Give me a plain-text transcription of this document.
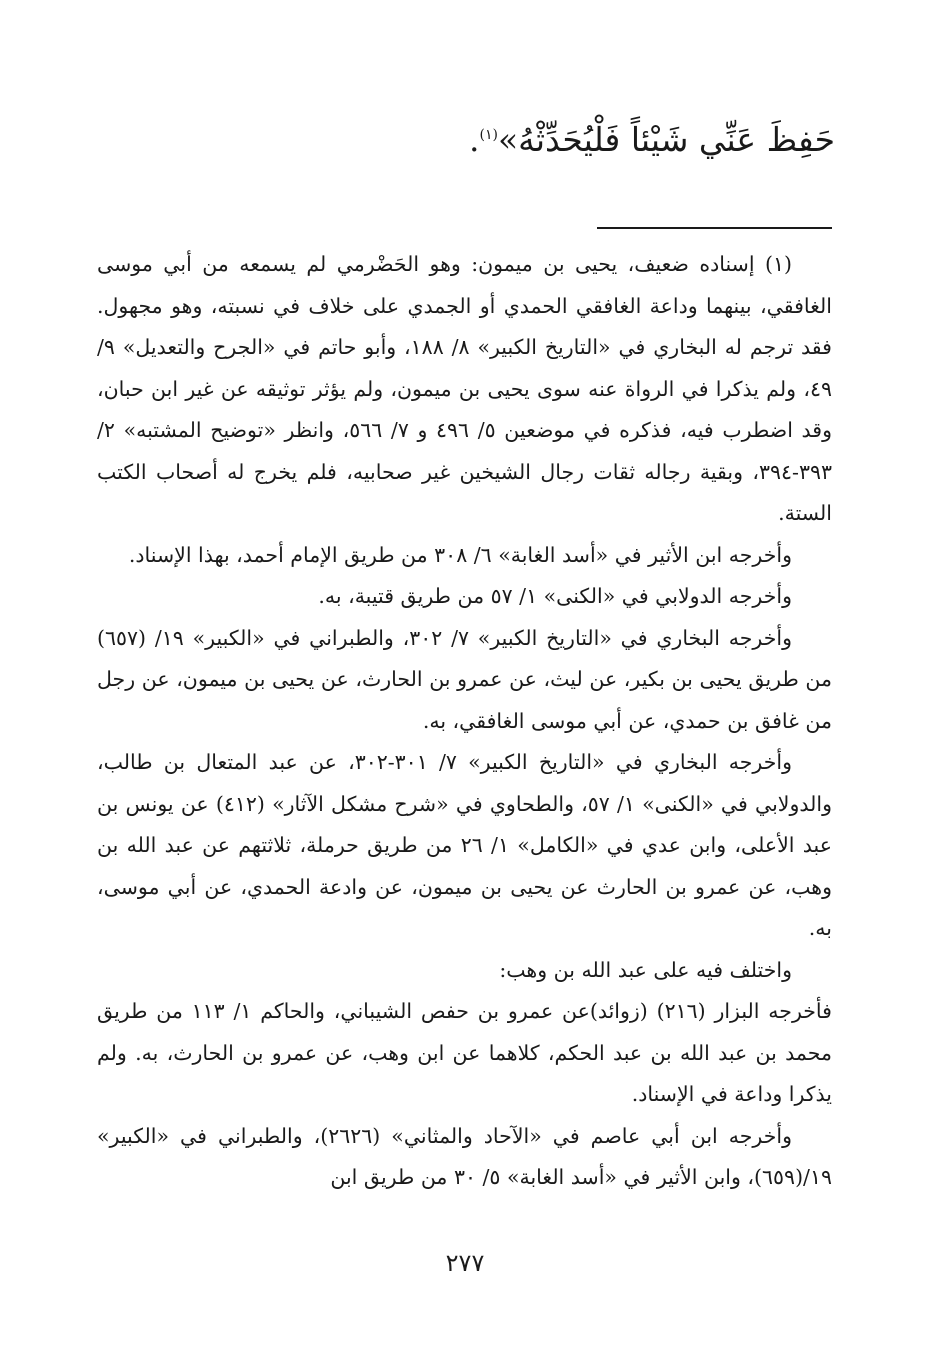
حَفِظَ عَنِّي شَيْئاً فَلْيُحَدِّثْهُ»$^{(١)}$.

(١) إسناده ضعيف، يحيى بن ميمون: وهو الحَضْرمي لم يسمعه من أبي موسى الغافقي، بينهما وداعة الغافقي الحمدي أو الجمدي على خلاف في نسبته، وهو مجهول. فقد ترجم له البخاري في «التاريخ الكبير» ٨/ ١٨٨، وأبو حاتم في «الجرح والتعديل» ٩/ ٤٩، ولم يذكرا في الرواة عنه سوى يحيى بن ميمون، ولم يؤثر توثيقه عن غير ابن حبان، وقد اضطرب فيه، فذكره في موضعين ٥/ ٤٩٦ و ٧/ ٥٦٦، وانظر «توضيح المشتبه» ٢/ ٣٩٣-٣٩٤، وبقية رجاله ثقات رجال الشيخين غير صحابيه، فلم يخرج له أصحاب الكتب الستة.

وأخرجه ابن الأثير في «أسد الغابة» ٦/ ٣٠٨ من طريق الإمام أحمد، بهذا الإسناد.

وأخرجه الدولابي في «الكنى» ١/ ٥٧ من طريق قتيبة، به.

وأخرجه البخاري في «التاريخ الكبير» ٧/ ٣٠٢، والطبراني في «الكبير» ١٩/ (٦٥٧) من طريق يحيى بن بكير، عن ليث، عن عمرو بن الحارث، عن يحيى بن ميمون، عن رجل من غافق بن حمدي، عن أبي موسى الغافقي، به.

وأخرجه البخاري في «التاريخ الكبير» ٧/ ٣٠١-٣٠٢، عن عبد المتعال بن طالب، والدولابي في «الكنى» ١/ ٥٧، والطحاوي في «شرح مشكل الآثار» (٤١٢) عن يونس بن عبد الأعلى، وابن عدي في «الكامل» ١/ ٢٦ من طريق حرملة، ثلاثتهم عن عبد الله بن وهب، عن عمرو بن الحارث عن يحيى بن ميمون، عن وادعة الحمدي، عن أبي موسى، به.

واختلف فيه على عبد الله بن وهب:

فأخرجه البزار (٢١٦) (زوائد)عن عمرو بن حفص الشيباني، والحاكم ١/ ١١٣ من طريق محمد بن عبد الله بن عبد الحكم، كلاهما عن ابن وهب، عن عمرو بن الحارث، به. ولم يذكرا وداعة في الإسناد.

وأخرجه ابن أبي عاصم في «الآحاد والمثاني» (٢٦٢٦)، والطبراني في «الكبير» ١٩/(٦٥٩)، وابن الأثير في «أسد الغابة» ٥/ ٣٠ من طريق ابن

٢٧٧
